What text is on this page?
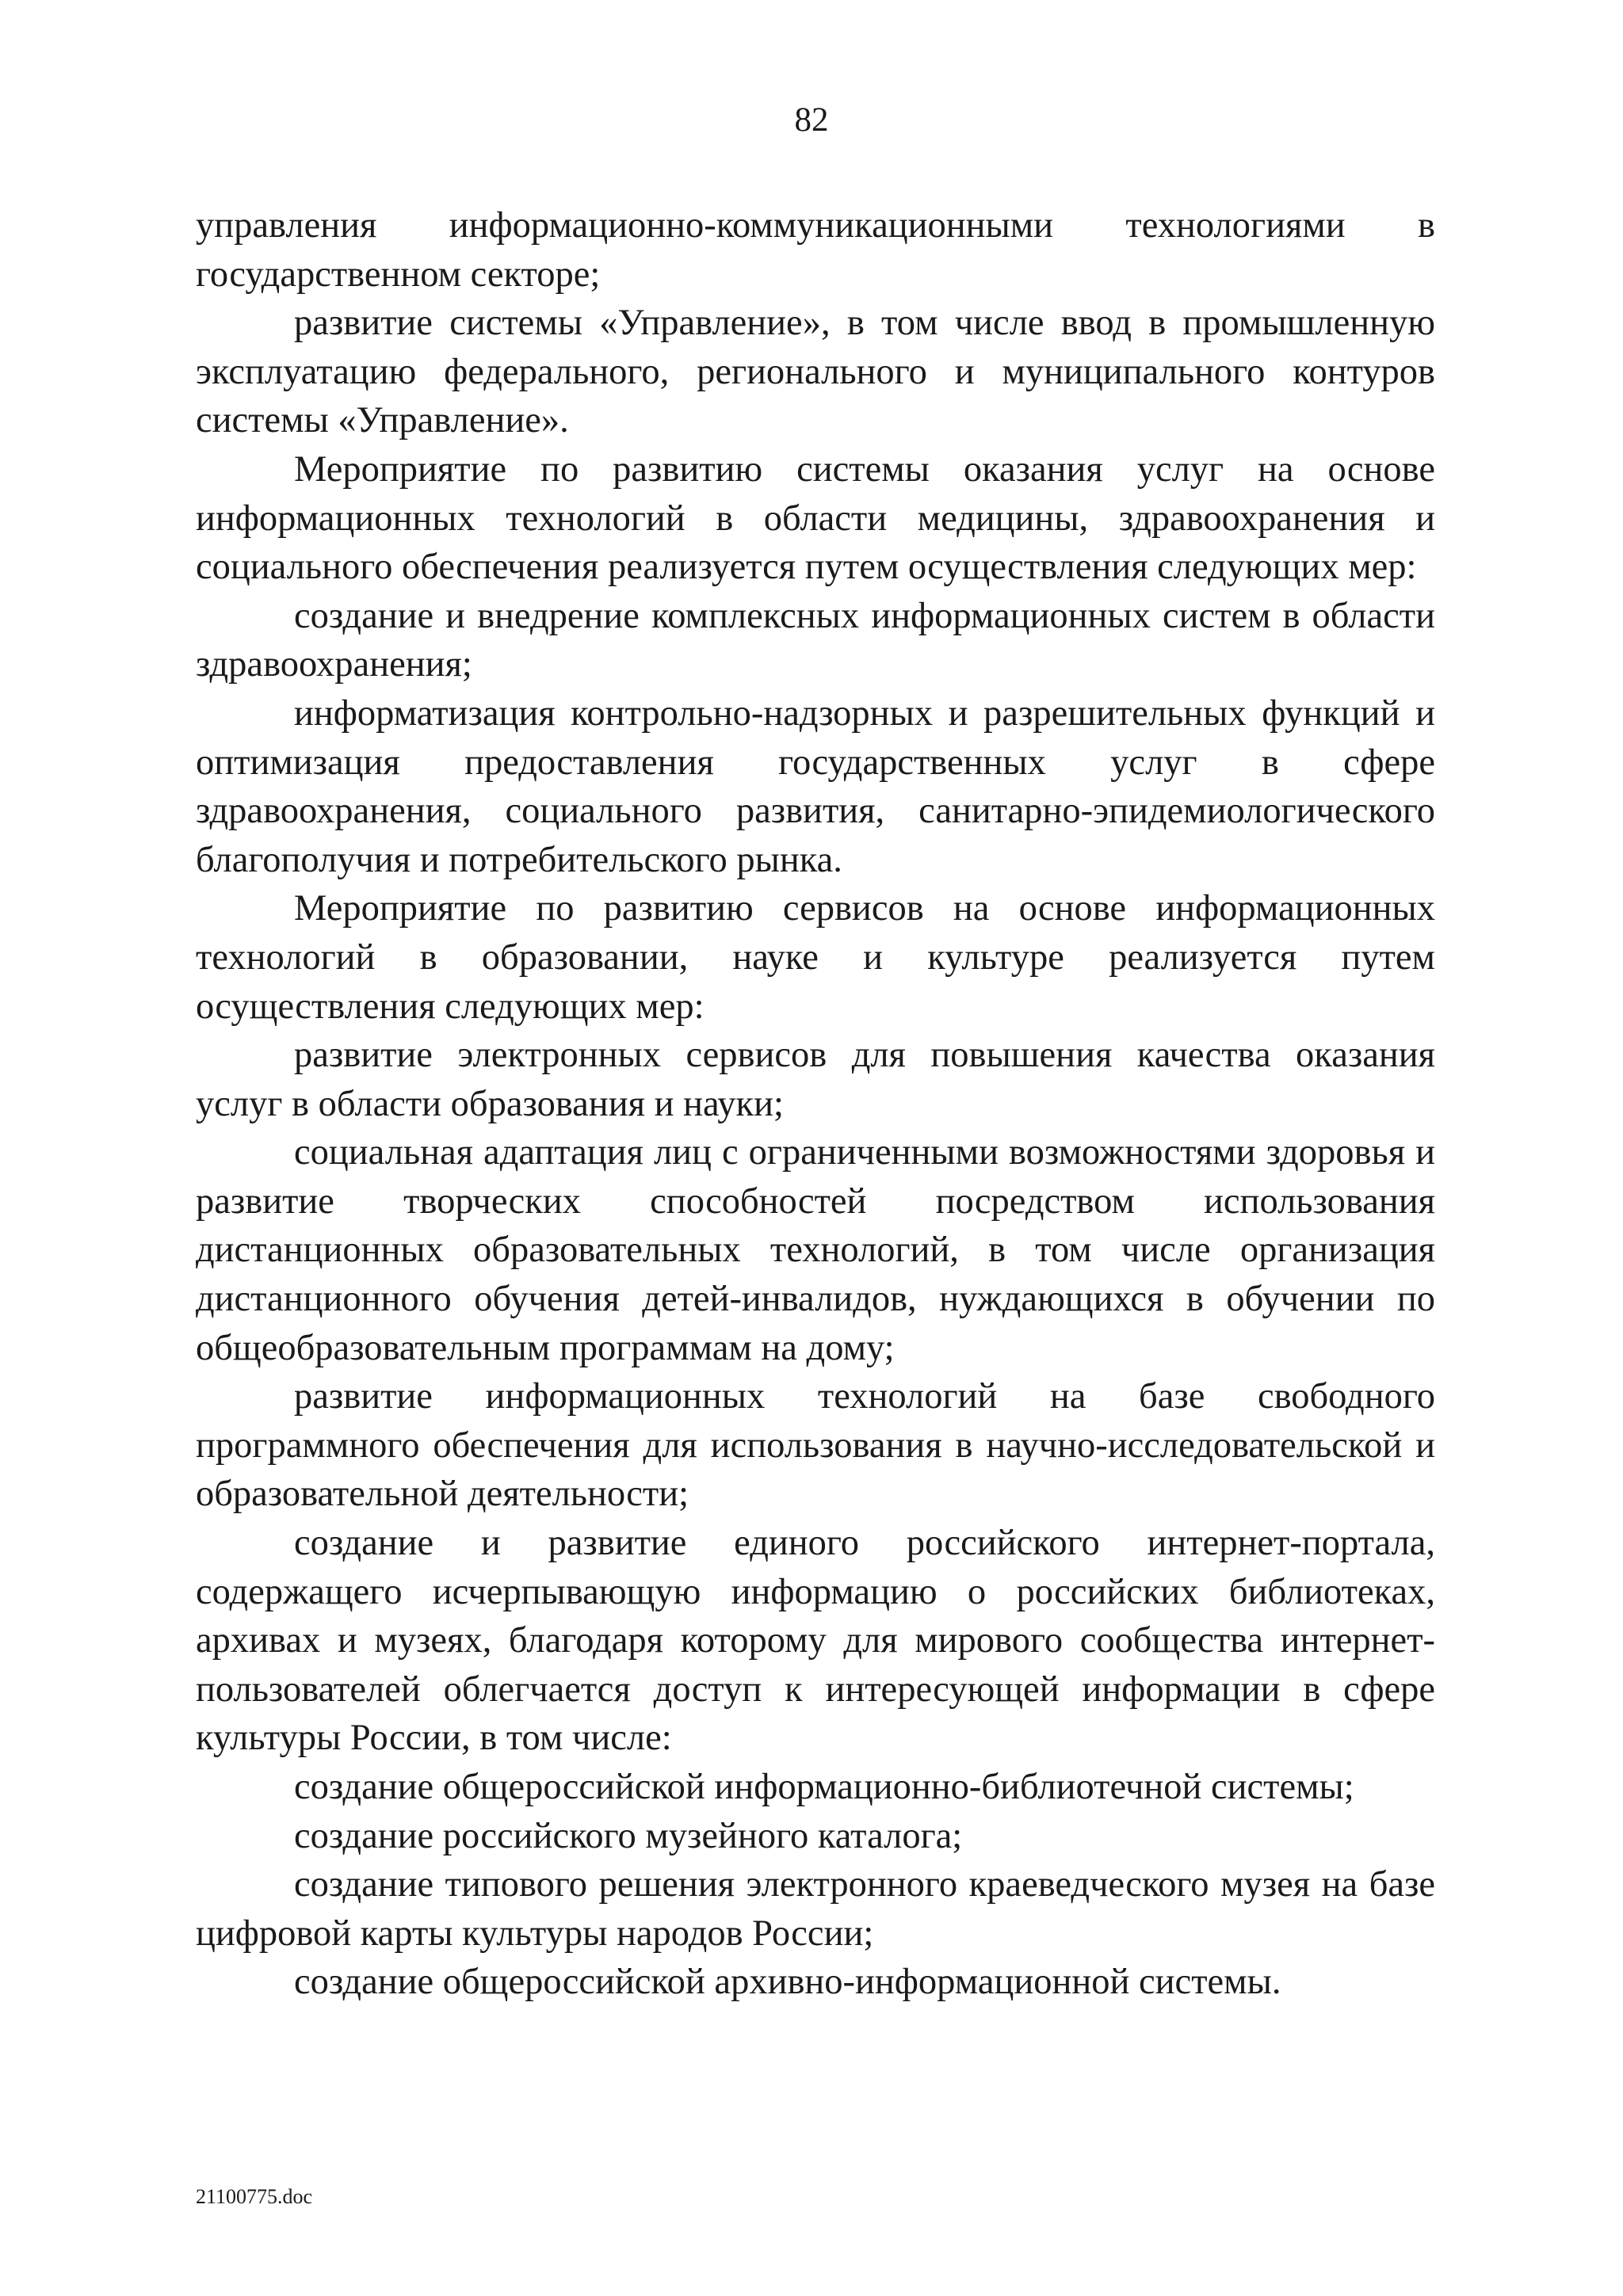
82

управления информационно-коммуникационными технологиями в государственном секторе;

развитие системы «Управление», в том числе ввод в промышленную эксплуатацию федерального, регионального и муниципального контуров системы «Управление».

Мероприятие по развитию системы оказания услуг на основе информационных технологий в области медицины, здравоохранения и социального обеспечения реализуется путем осуществления следующих мер:

создание и внедрение комплексных информационных систем в области здравоохранения;

информатизация контрольно-надзорных и разрешительных функций и оптимизация предоставления государственных услуг в сфере здравоохранения, социального развития, санитарно-эпидемиологического благополучия и потребительского рынка.

Мероприятие по развитию сервисов на основе информационных технологий в образовании, науке и культуре реализуется путем осуществления следующих мер:

развитие электронных сервисов для повышения качества оказания услуг в области образования и науки;

социальная адаптация лиц с ограниченными возможностями здоровья и развитие творческих способностей посредством использования дистанционных образовательных технологий, в том числе организация дистанционного обучения детей-инвалидов, нуждающихся в обучении по общеобразовательным программам на дому;

развитие информационных технологий на базе свободного программного обеспечения для использования в научно-исследовательской и образовательной деятельности;

создание и развитие единого российского интернет-портала, содержащего исчерпывающую информацию о российских библиотеках, архивах и музеях, благодаря которому для мирового сообщества интернет-пользователей облегчается доступ к интересующей информации в сфере культуры России, в том числе:

создание общероссийской информационно-библиотечной системы;

создание российского музейного каталога;

создание типового решения электронного краеведческого музея на базе цифровой карты культуры народов России;

создание общероссийской архивно-информационной системы.

21100775.doc
